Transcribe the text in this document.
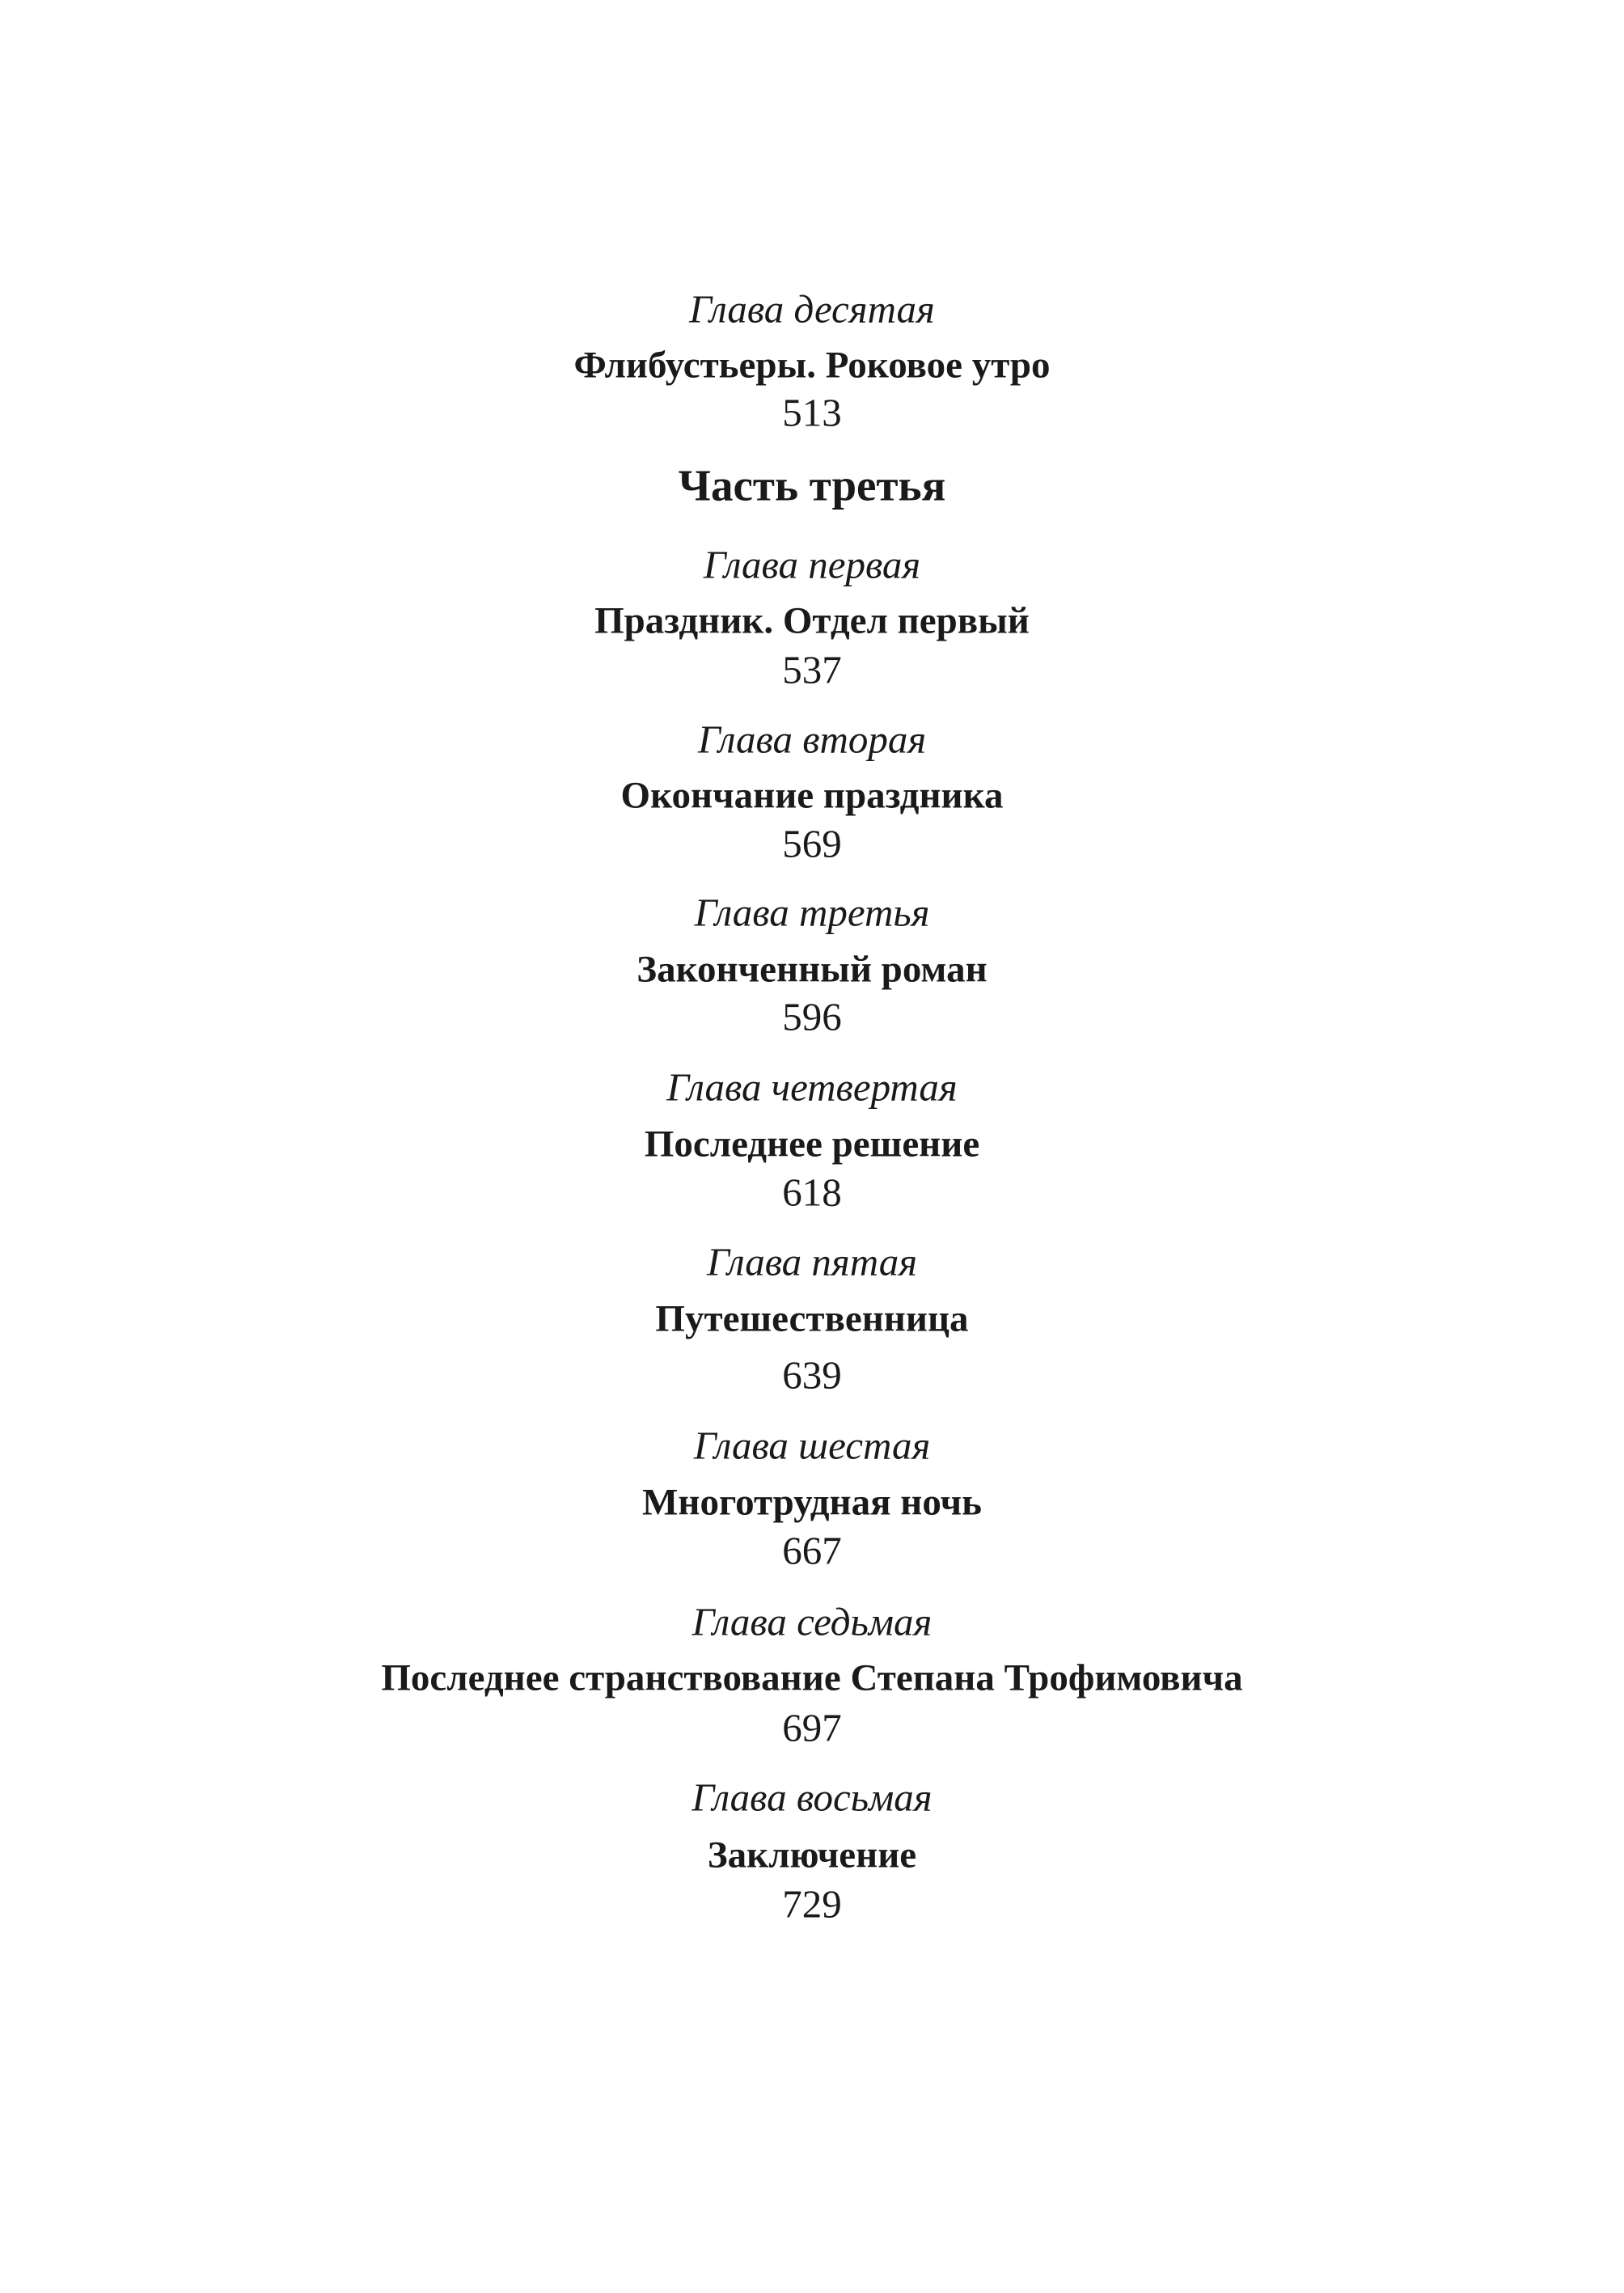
Глава десятая
Флибустьеры. Роковое утро
513
Часть третья
Глава первая
Праздник. Отдел первый
537
Глава вторая
Окончание праздника
569
Глава третья
Законченный роман
596
Глава четвертая
Последнее решение
618
Глава пятая
Путешественница
639
Глава шестая
Многотрудная ночь
667
Глава седьмая
Последнее странствование Степана Трофимовича
697
Глава восьмая
Заключение
729
